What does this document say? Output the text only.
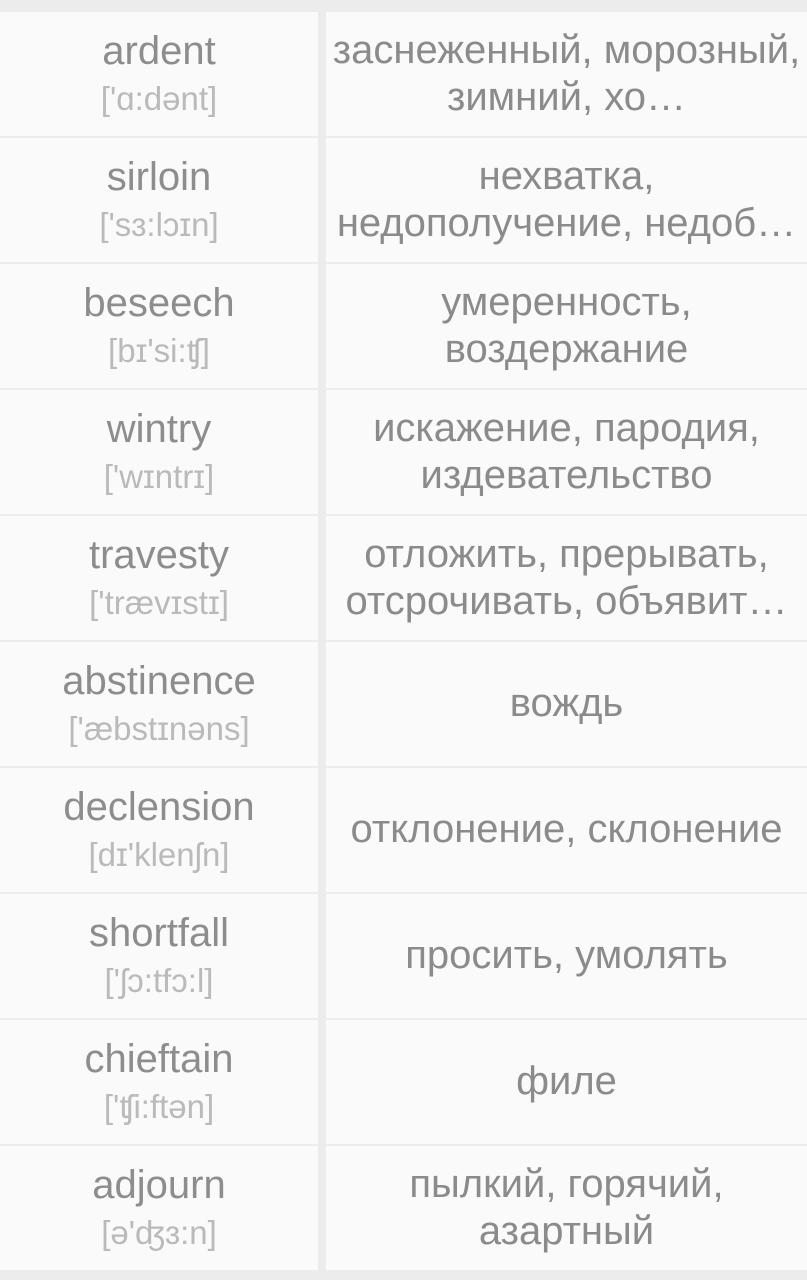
ardent
['ɑ:dənt]
заснеженный, морозный, зимний, хо…
sirloin
['sɜ:lɔɪn]
нехватка, недополучение, недоб…
beseech
[bɪ'si:ʧ]
умеренность, воздержание
wintry
['wɪntrɪ]
искажение, пародия, издевательство
travesty
['trævɪstɪ]
отложить, прерывать, отсрочивать, объявит…
abstinence
['æbstɪnəns]
вождь
declension
[dɪ'klenʃn]
отклонение, склонение
shortfall
['ʃɔ:tfɔ:l]
просить, умолять
chieftain
['ʧi:ftən]
филе
adjourn
[ə'ʤɜ:n]
пылкий, горячий, азартный
